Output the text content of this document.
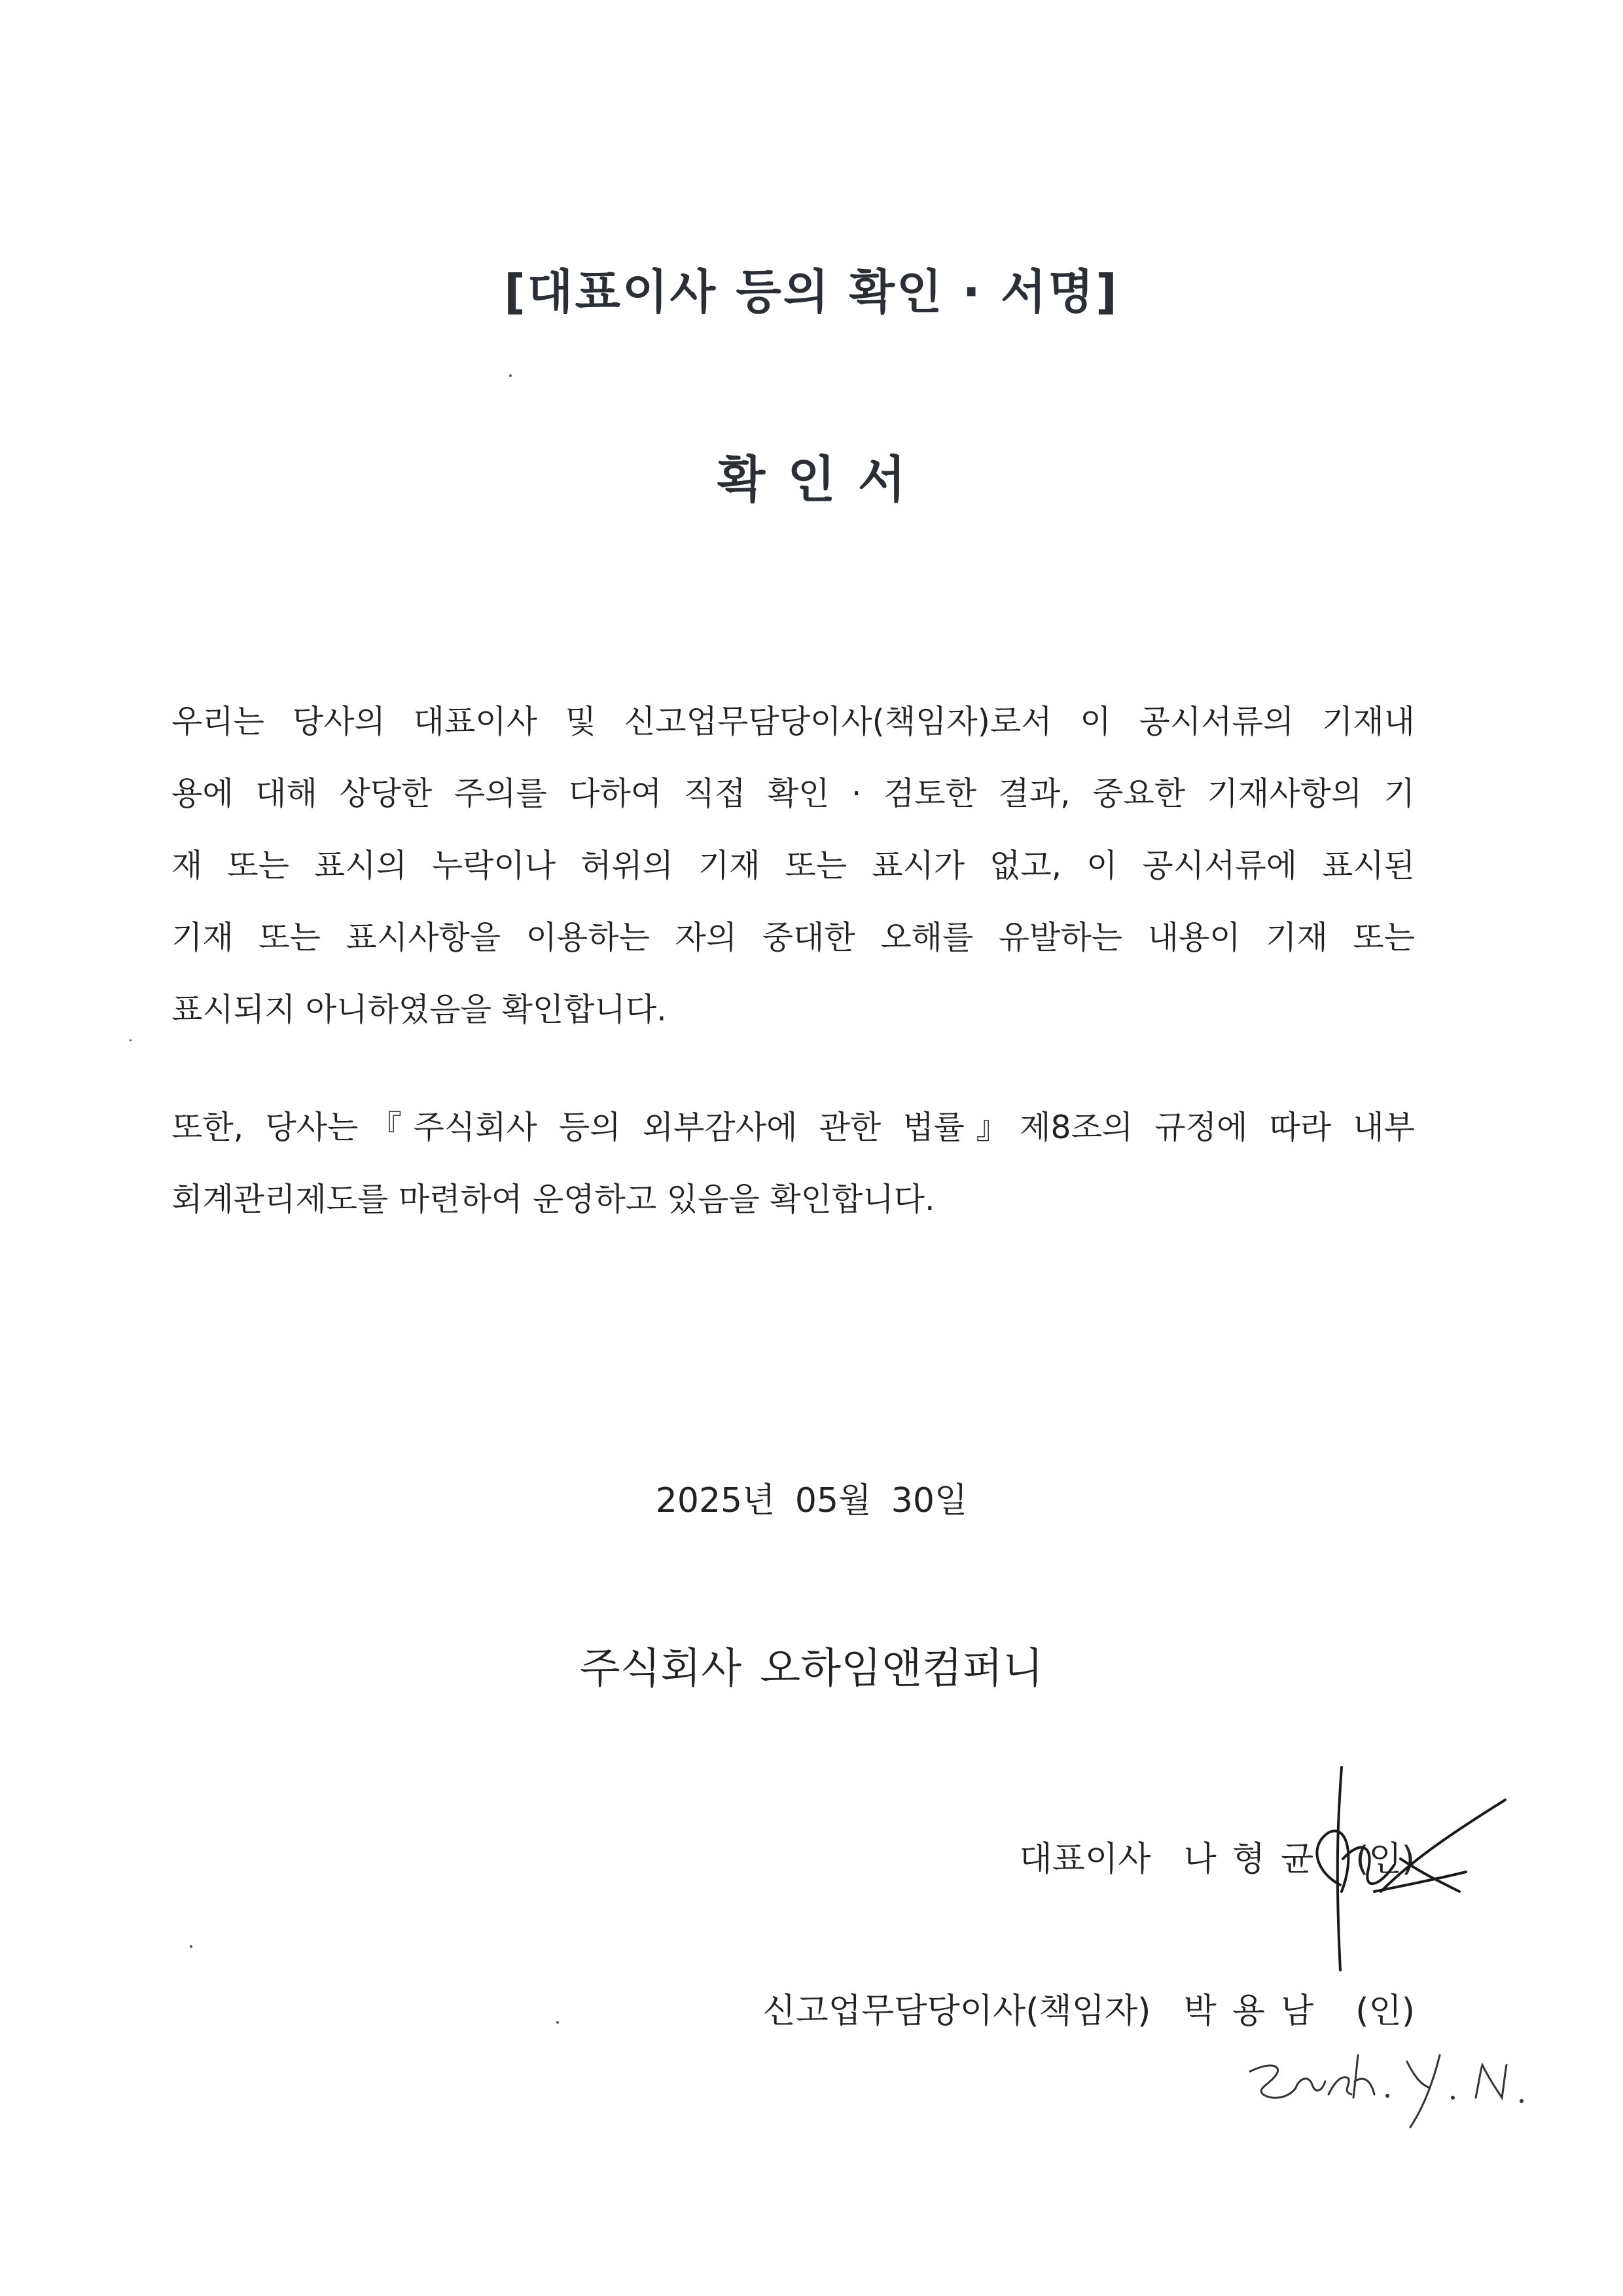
[대표이사 등의 확인 · 서명]
확인서
우리는 당사의 대표이사 및 신고업무담당이사(책임자)로서 이 공시서류의 기재내
용에 대해 상당한 주의를 다하여 직접 확인 · 검토한 결과, 중요한 기재사항의 기
재 또는 표시의 누락이나 허위의 기재 또는 표시가 없고, 이 공시서류에 표시된
기재 또는 표시사항을 이용하는 자의 중대한 오해를 유발하는 내용이 기재 또는
표시되지 아니하였음을 확인합니다.
또한, 당사는『주식회사 등의 외부감사에 관한 법률』제8조의 규정에 따라 내부
회계관리제도를 마련하여 운영하고 있음을 확인합니다.
2025년 05월 30일
주식회사 오하임앤컴퍼니
대표이사 나형균 (인)
신고업무담당이사(책임자) 박용남 (인)
